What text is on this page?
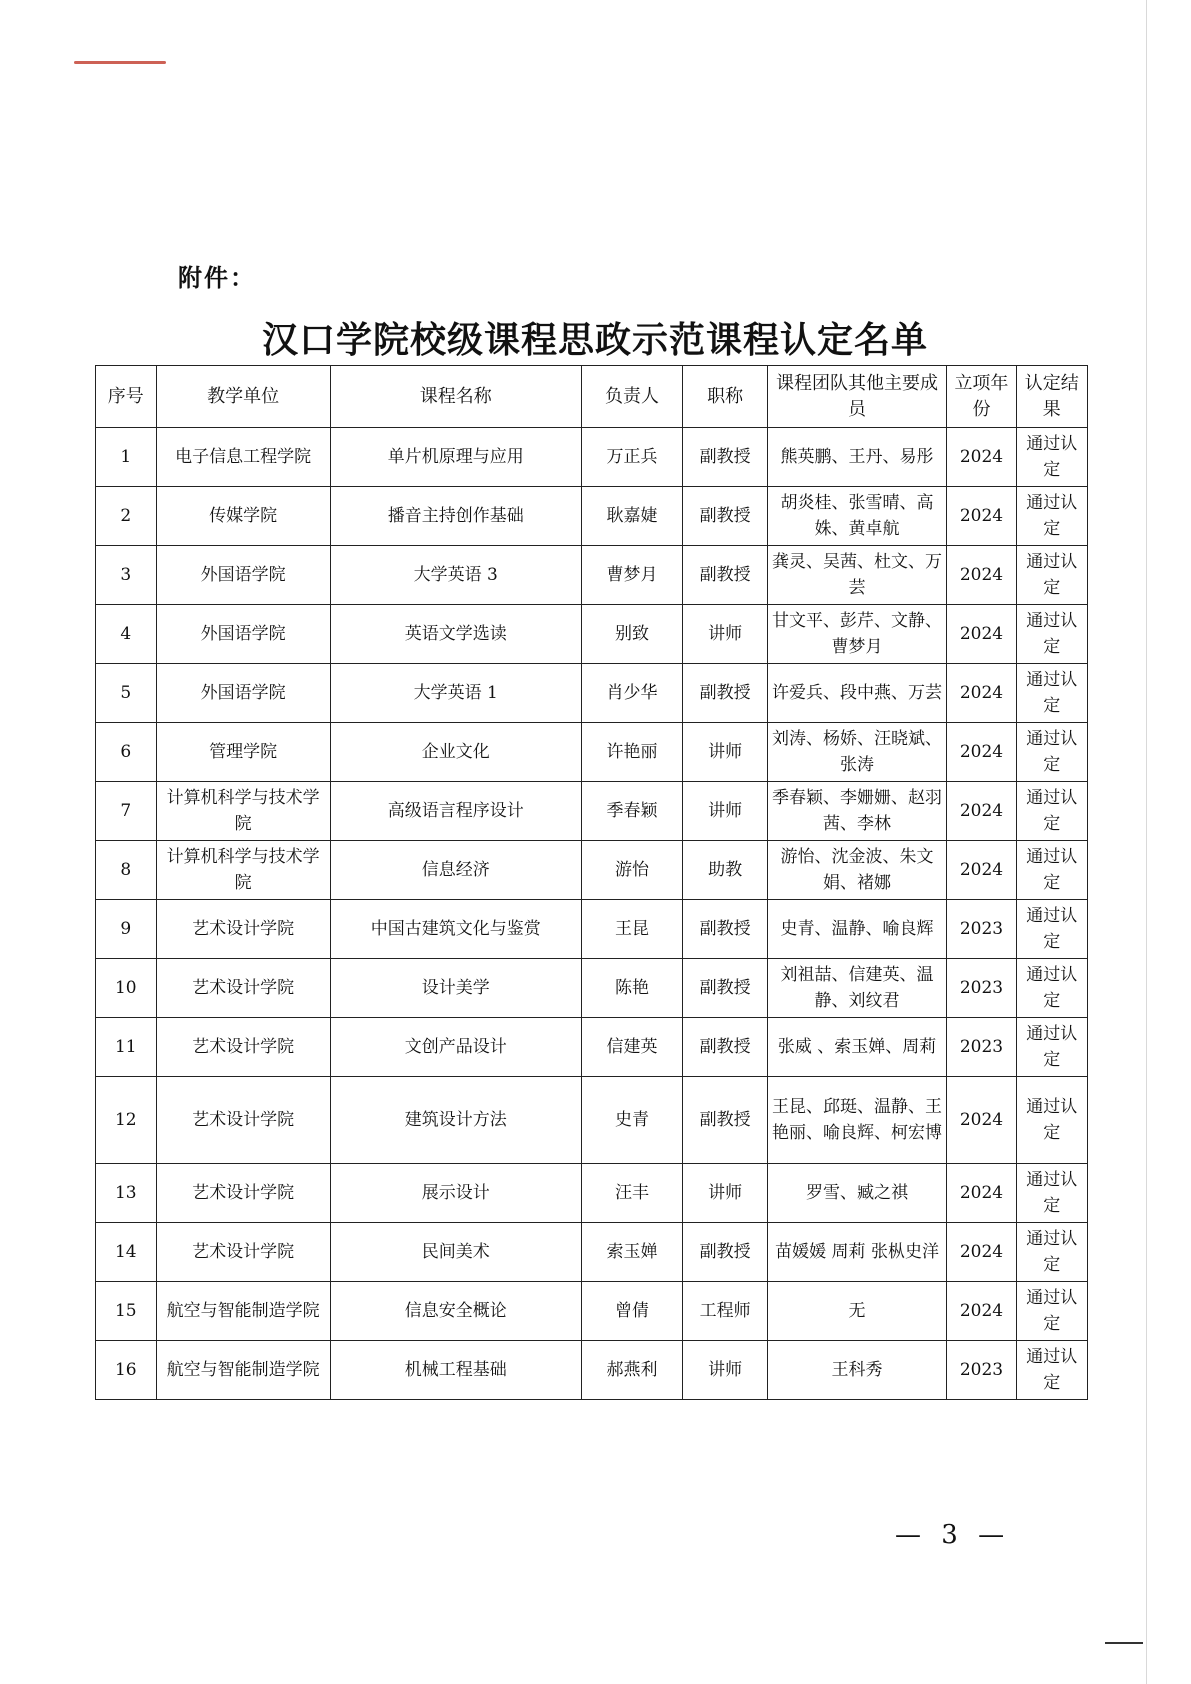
附件：
汉口学院校级课程思政示范课程认定名单
序号	教学单位	课程名称	负责人	职称	课程团队其他主要成员	立项年份	认定结果
1	电子信息工程学院	单片机原理与应用	万正兵	副教授	熊英鹏、王丹、易彤	2024	通过认定
2	传媒学院	播音主持创作基础	耿嘉婕	副教授	胡炎桂、张雪晴、高姝、黄卓航	2024	通过认定
3	外国语学院	大学英语 3	曹梦月	副教授	龚灵、吴茜、杜文、万芸	2024	通过认定
4	外国语学院	英语文学选读	别致	讲师	甘文平、彭芹、文静、曹梦月	2024	通过认定
5	外国语学院	大学英语 1	肖少华	副教授	许爱兵、段中燕、万芸	2024	通过认定
6	管理学院	企业文化	许艳丽	讲师	刘涛、杨娇、汪晓斌、张涛	2024	通过认定
7	计算机科学与技术学院	高级语言程序设计	季春颖	讲师	季春颖、李姗姗、赵羽茜、李林	2024	通过认定
8	计算机科学与技术学院	信息经济	游怡	助教	游怡、沈金波、朱文娟、褚娜	2024	通过认定
9	艺术设计学院	中国古建筑文化与鉴赏	王昆	副教授	史青、温静、喻良辉	2023	通过认定
10	艺术设计学院	设计美学	陈艳	副教授	刘祖喆、信建英、温静、刘纹君	2023	通过认定
11	艺术设计学院	文创产品设计	信建英	副教授	张威 、索玉婵、周莉	2023	通过认定
12	艺术设计学院	建筑设计方法	史青	副教授	王昆、邱珽、温静、王艳丽、喻良辉、柯宏博	2024	通过认定
13	艺术设计学院	展示设计	汪丰	讲师	罗雪、臧之祺	2024	通过认定
14	艺术设计学院	民间美术	索玉婵	副教授	苗媛媛 周莉 张枞史洋	2024	通过认定
15	航空与智能制造学院	信息安全概论	曾倩	工程师	无	2024	通过认定
16	航空与智能制造学院	机械工程基础	郝燕利	讲师	王科秀	2023	通过认定
— 3 —
